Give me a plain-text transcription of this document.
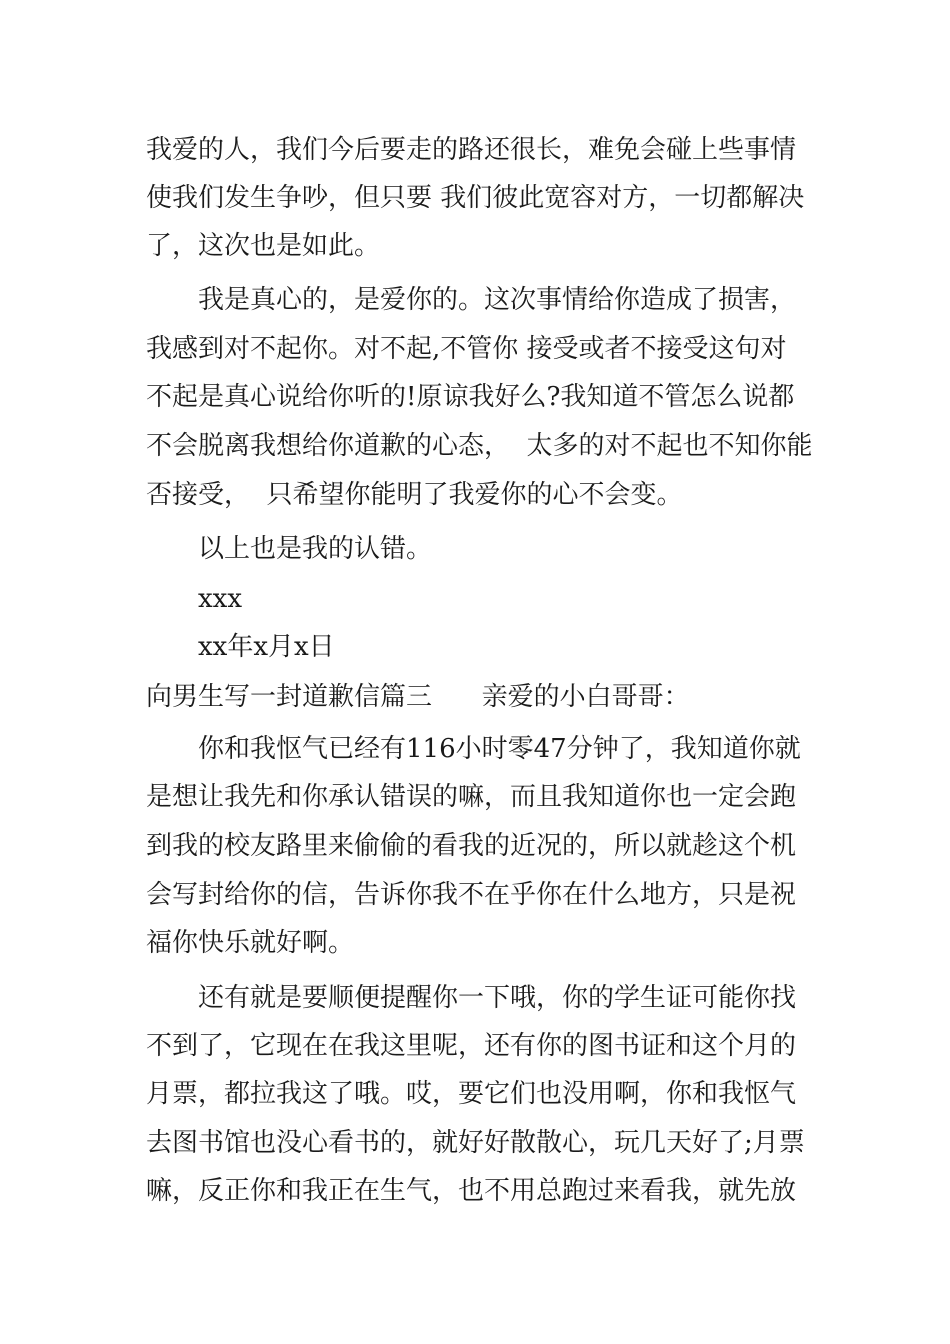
我爱的人，我们今后要走的路还很长，难免会碰上些事情
使我们发生争吵，但只要 我们彼此宽容对方，一切都解决
了，这次也是如此。
我是真心的，是爱你的。这次事情给你造成了损害，
我感到对不起你。对不起,不管你 接受或者不接受这句对
不起是真心说给你听的!原谅我好么?我知道不管怎么说都
不会脱离我想给你道歉的心态，  太多的对不起也不知你能
否接受，  只希望你能明了我爱你的心不会变。
以上也是我的认错。
xxx
xx年x月x日
向男生写一封道歉信篇三      亲爱的小白哥哥：
你和我怄气已经有116小时零47分钟了，我知道你就
是想让我先和你承认错误的嘛，而且我知道你也一定会跑
到我的校友路里来偷偷的看我的近况的，所以就趁这个机
会写封给你的信，告诉你我不在乎你在什么地方，只是祝
福你快乐就好啊。
还有就是要顺便提醒你一下哦，你的学生证可能你找
不到了，它现在在我这里呢，还有你的图书证和这个月的
月票，都拉我这了哦。哎，要它们也没用啊，你和我怄气
去图书馆也没心看书的，就好好散散心，玩几天好了;月票
嘛，反正你和我正在生气，也不用总跑过来看我，就先放
